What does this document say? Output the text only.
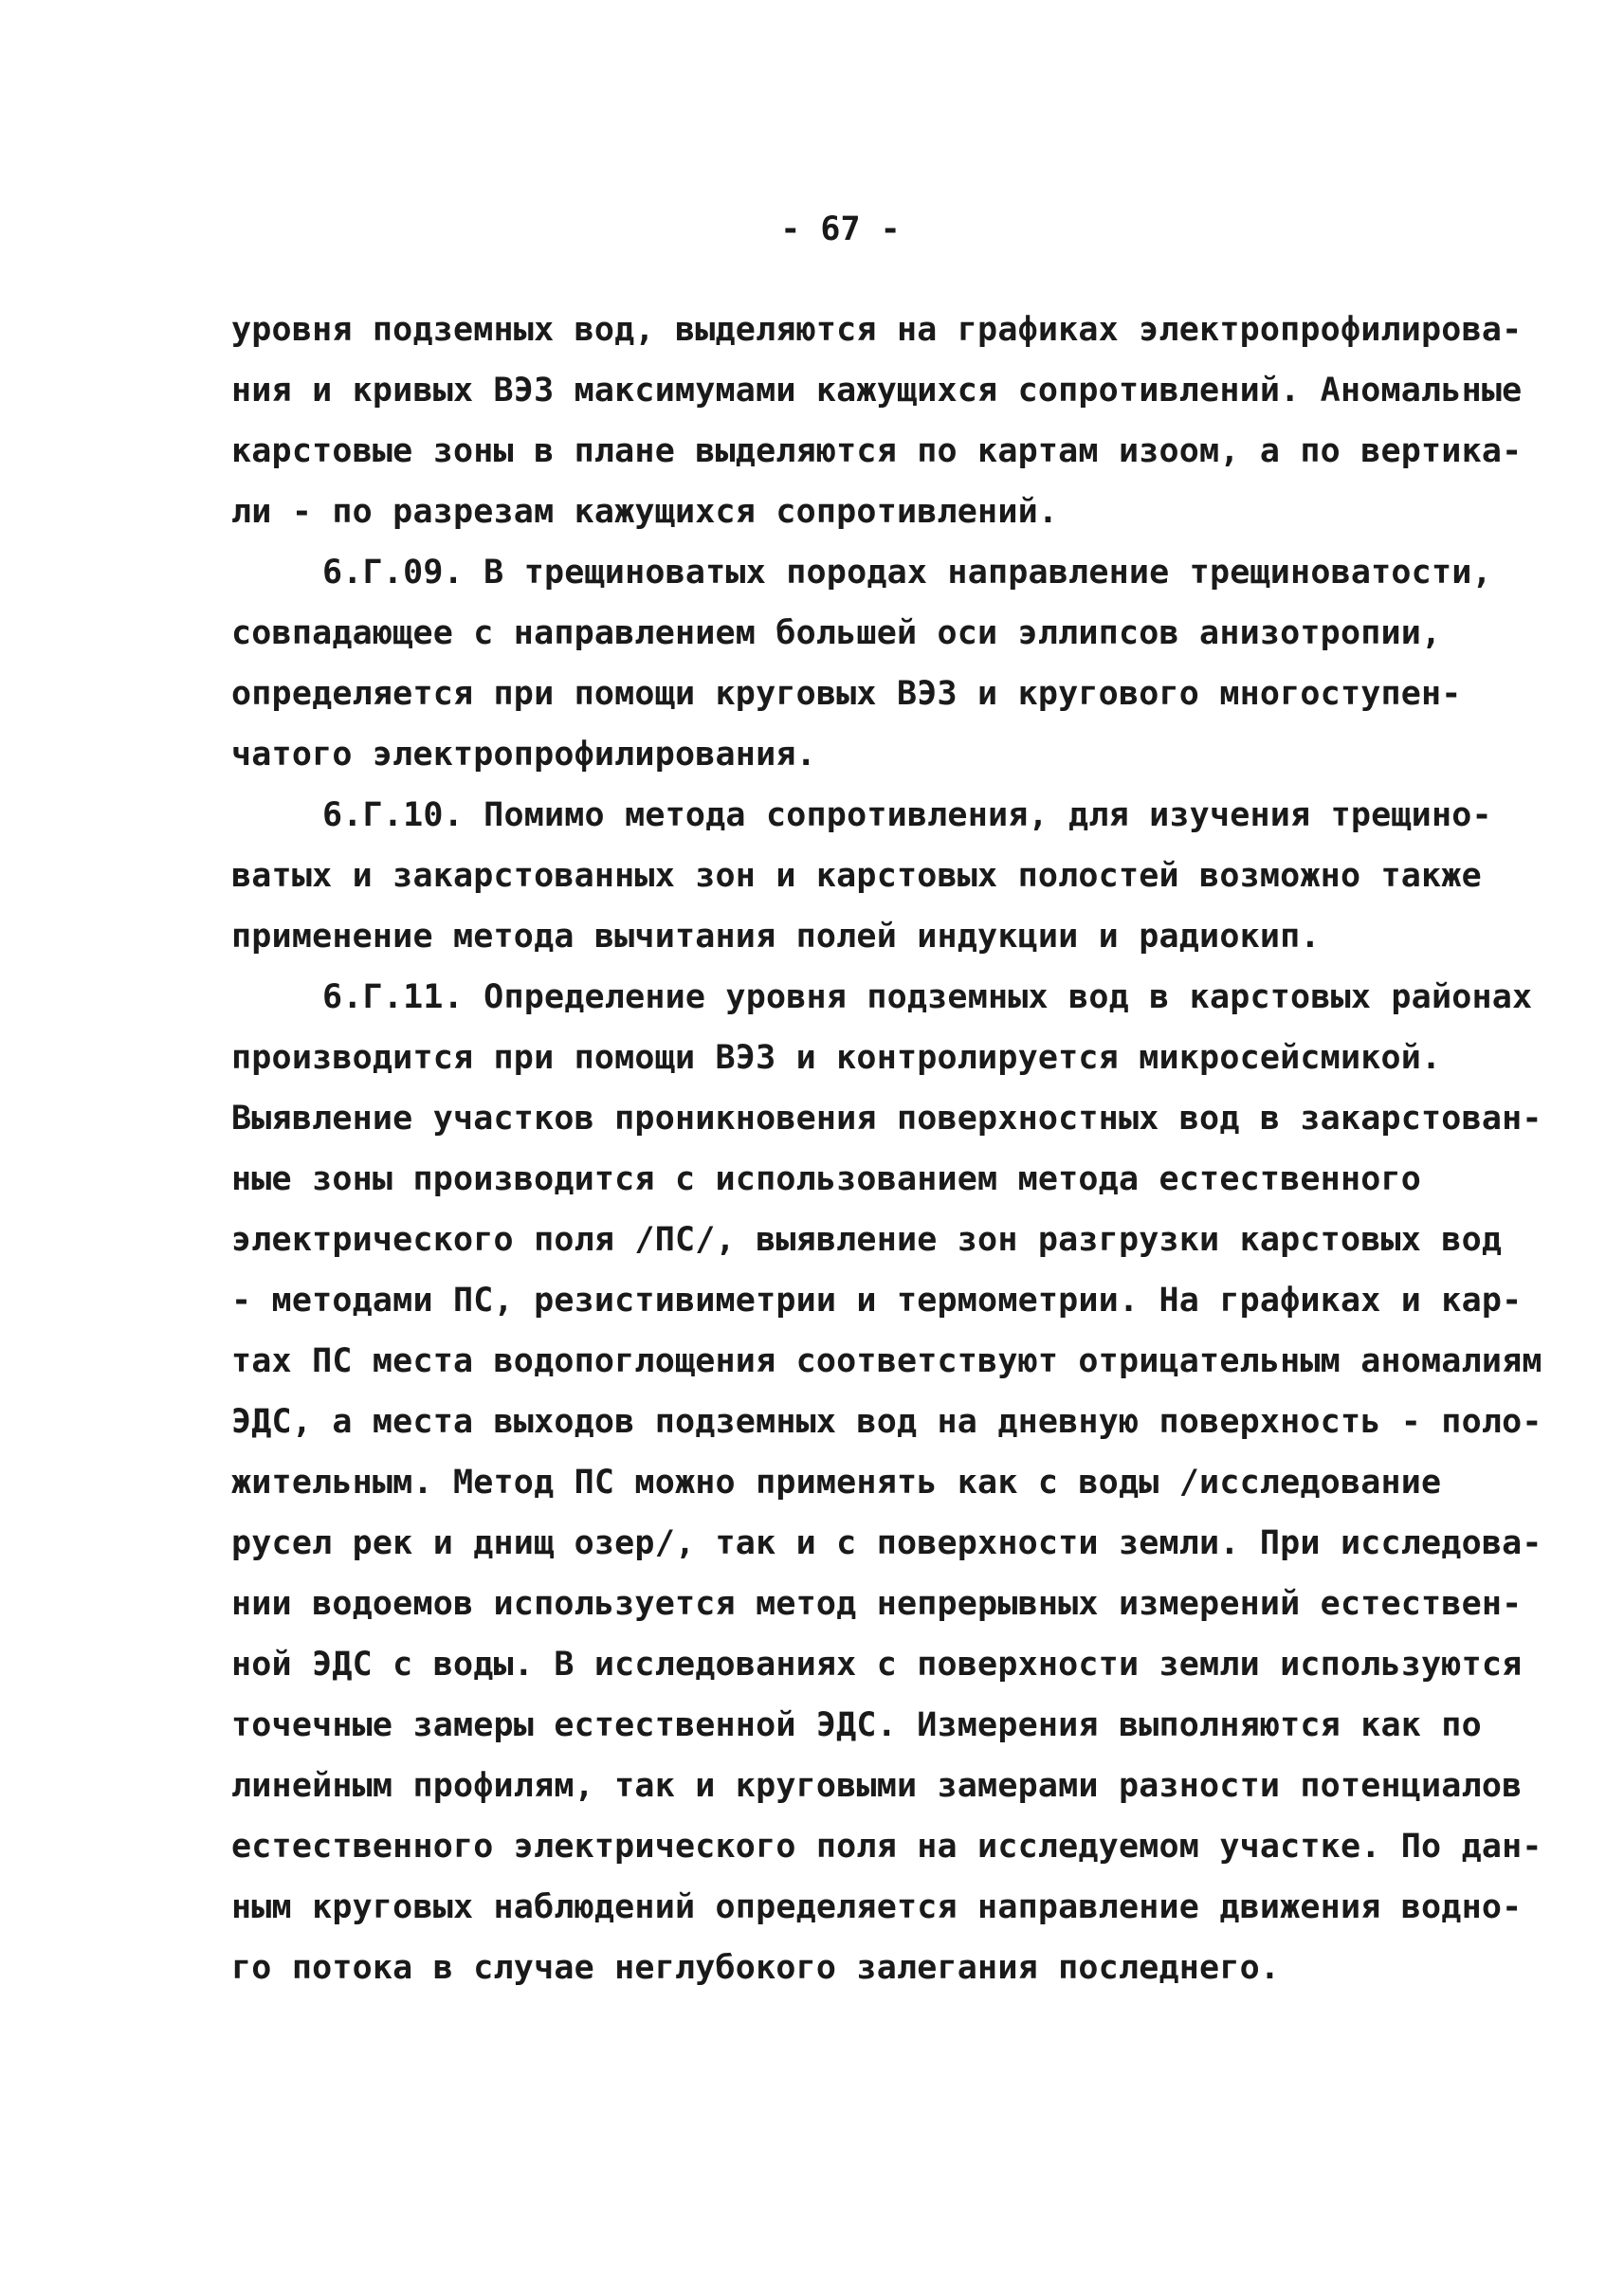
- 67 -
уровня подземных вод, выделяются на графиках электропрофилирова-
ния и кривых ВЭЗ максимумами кажущихся сопротивлений. Аномальные
карстовые зоны в плане выделяются по картам изоом, а по вертика-
ли - по разрезам кажущихся сопротивлений.
6.Г.09. В трещиноватых породах направление трещиноватости,
совпадающее с направлением большей оси эллипсов анизотропии,
определяется при помощи круговых ВЭЗ и кругового многоступен-
чатого электропрофилирования.
6.Г.10. Помимо метода сопротивления, для изучения трещино-
ватых и закарстованных зон и карстовых полостей возможно также
применение метода вычитания полей индукции и радиокип.
6.Г.11. Определение уровня подземных вод в карстовых районах
производится при помощи ВЭЗ и контролируется микросейсмикой.
Выявление участков проникновения поверхностных вод в закарстован-
ные зоны производится с использованием метода естественного
электрического поля /ПС/, выявление зон разгрузки карстовых вод
- методами ПС, резистивиметрии и термометрии. На графиках и кар-
тах ПС места водопоглощения соответствуют отрицательным аномалиям
ЭДС, а места выходов подземных вод на дневную поверхность - поло-
жительным. Метод ПС можно применять как с воды /исследование
русел рек и днищ озер/, так и с поверхности земли. При исследова-
нии водоемов используется метод непрерывных измерений естествен-
ной ЭДС с воды. В исследованиях с поверхности земли используются
точечные замеры естественной ЭДС. Измерения выполняются как по
линейным профилям, так и круговыми замерами разности потенциалов
естественного электрического поля на исследуемом участке. По дан-
ным круговых наблюдений определяется направление движения водно-
го потока в случае неглубокого залегания последнего.
